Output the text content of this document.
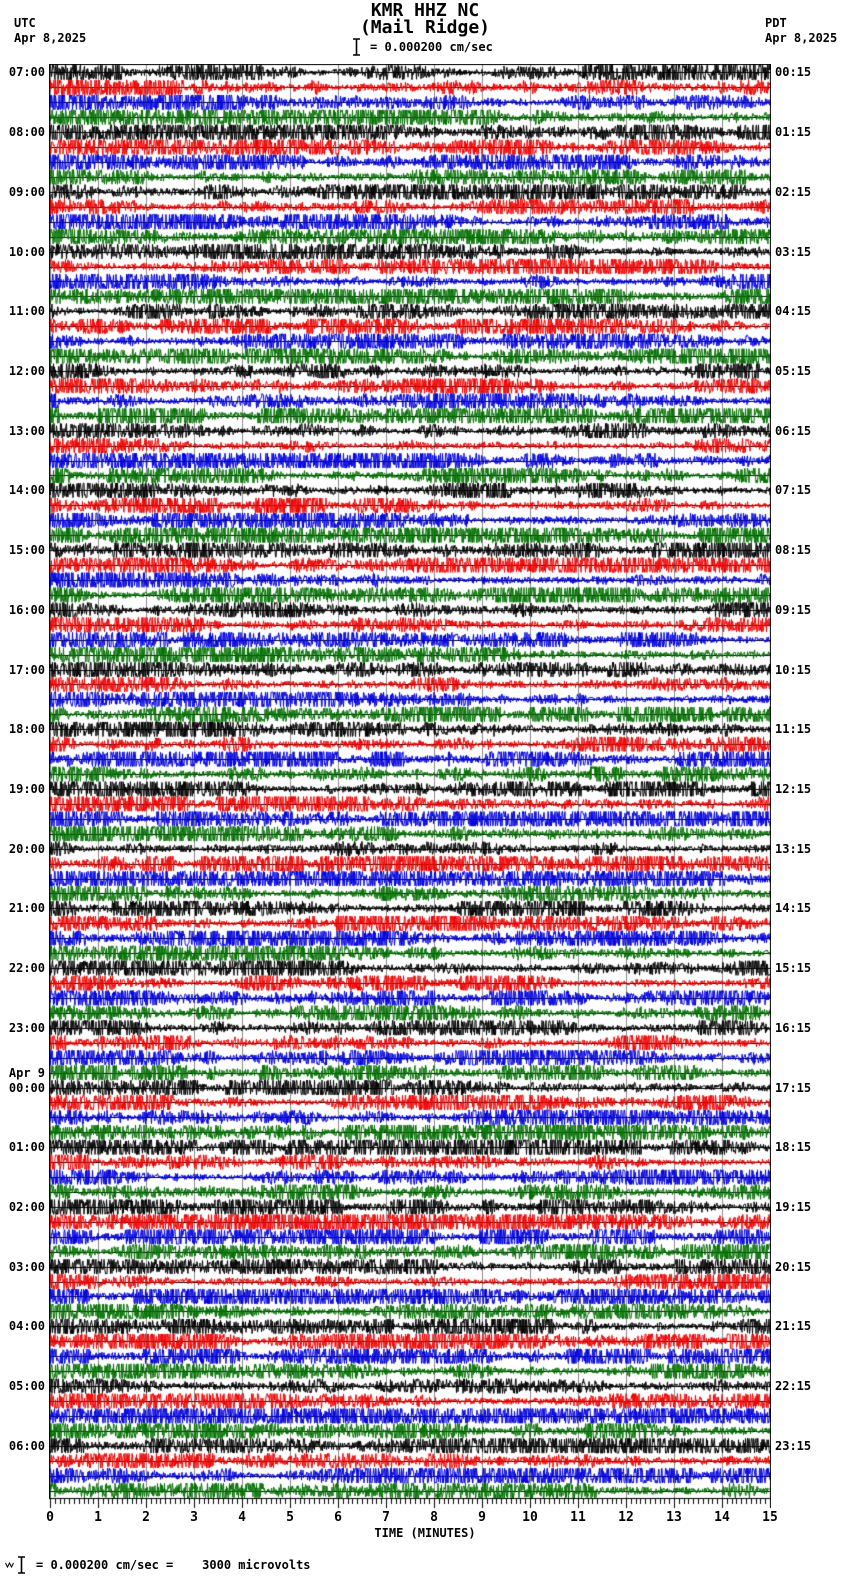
KMR HHZ NC
(Mail Ridge)
UTC
Apr 8,2025
PDT
Apr 8,2025
= 0.000200 cm/sec
07:00
08:00
09:00
10:00
11:00
12:00
13:00
14:00
15:00
16:00
17:00
18:00
19:00
20:00
21:00
22:00
23:00
00:00
01:00
02:00
03:00
04:00
05:00
06:00
00:15
01:15
02:15
03:15
04:15
05:15
06:15
07:15
08:15
09:15
10:15
11:15
12:15
13:15
14:15
15:15
16:15
17:15
18:15
19:15
20:15
21:15
22:15
23:15
Apr 9
0	1	2	3	4	5	6	7	8	9	10 11 12 13 14 15
TIME (MINUTES)
= 0.000200 cm/sec =    3000 microvolts
